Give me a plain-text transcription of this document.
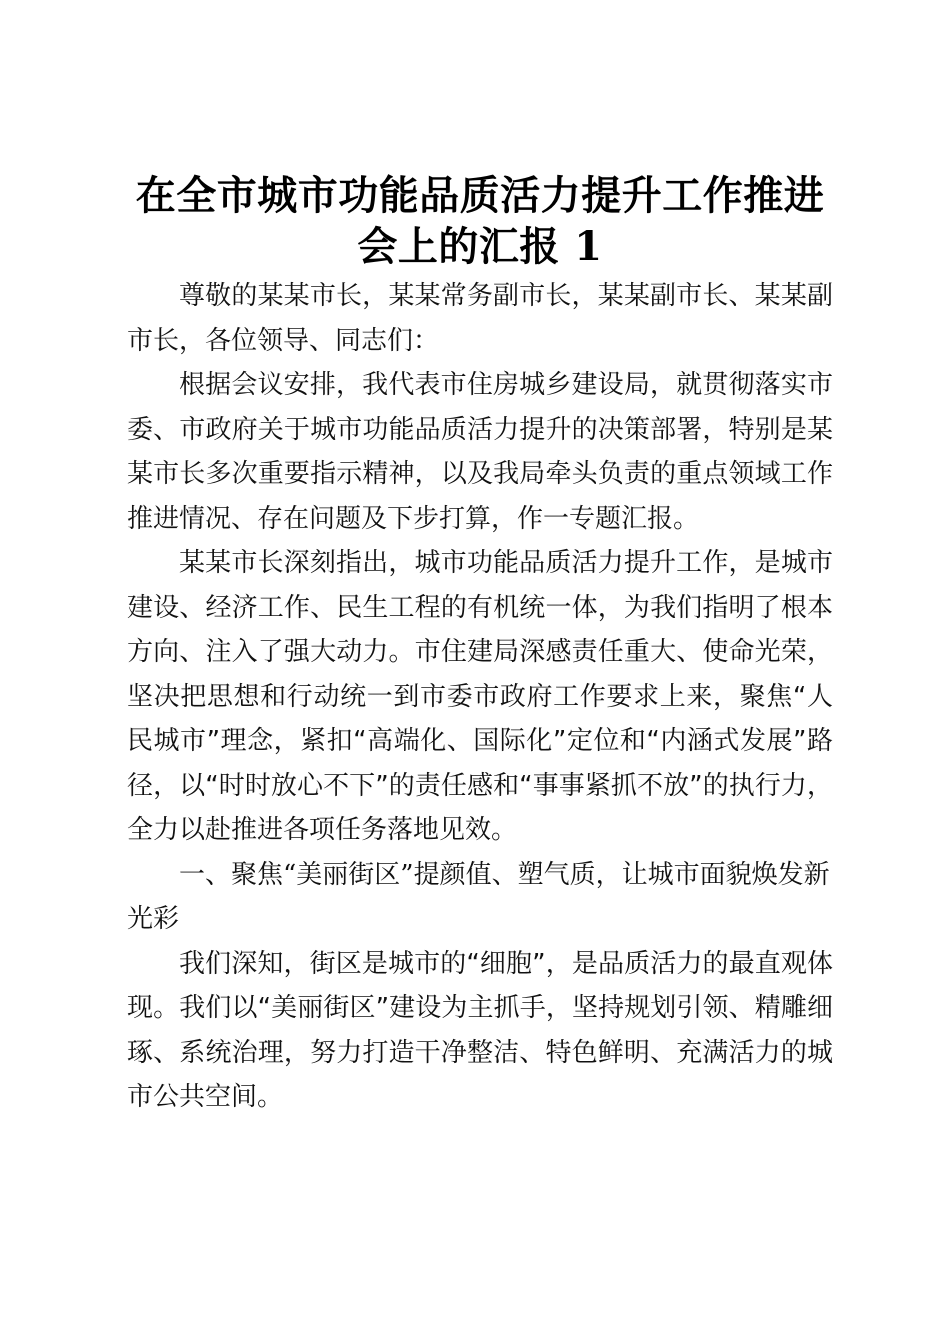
在全市城市功能品质活力提升工作推进会上的汇报 1

尊敬的某某市长，某某常务副市长，某某副市长、某某副市长，各位领导、同志们：

根据会议安排，我代表市住房城乡建设局，就贯彻落实市委、市政府关于城市功能品质活力提升的决策部署，特别是某某市长多次重要指示精神，以及我局牵头负责的重点领域工作推进情况、存在问题及下步打算，作一专题汇报。

某某市长深刻指出，城市功能品质活力提升工作，是城市建设、经济工作、民生工程的有机统一体，为我们指明了根本方向、注入了强大动力。市住建局深感责任重大、使命光荣，坚决把思想和行动统一到市委市政府工作要求上来，聚焦“人民城市”理念，紧扣“高端化、国际化”定位和“内涵式发展”路径，以“时时放心不下”的责任感和“事事紧抓不放”的执行力，全力以赴推进各项任务落地见效。

一、聚焦“美丽街区”提颜值、塑气质，让城市面貌焕发新光彩

我们深知，街区是城市的“细胞”，是品质活力的最直观体现。我们以“美丽街区”建设为主抓手，坚持规划引领、精雕细琢、系统治理，努力打造干净整洁、特色鲜明、充满活力的城市公共空间。
